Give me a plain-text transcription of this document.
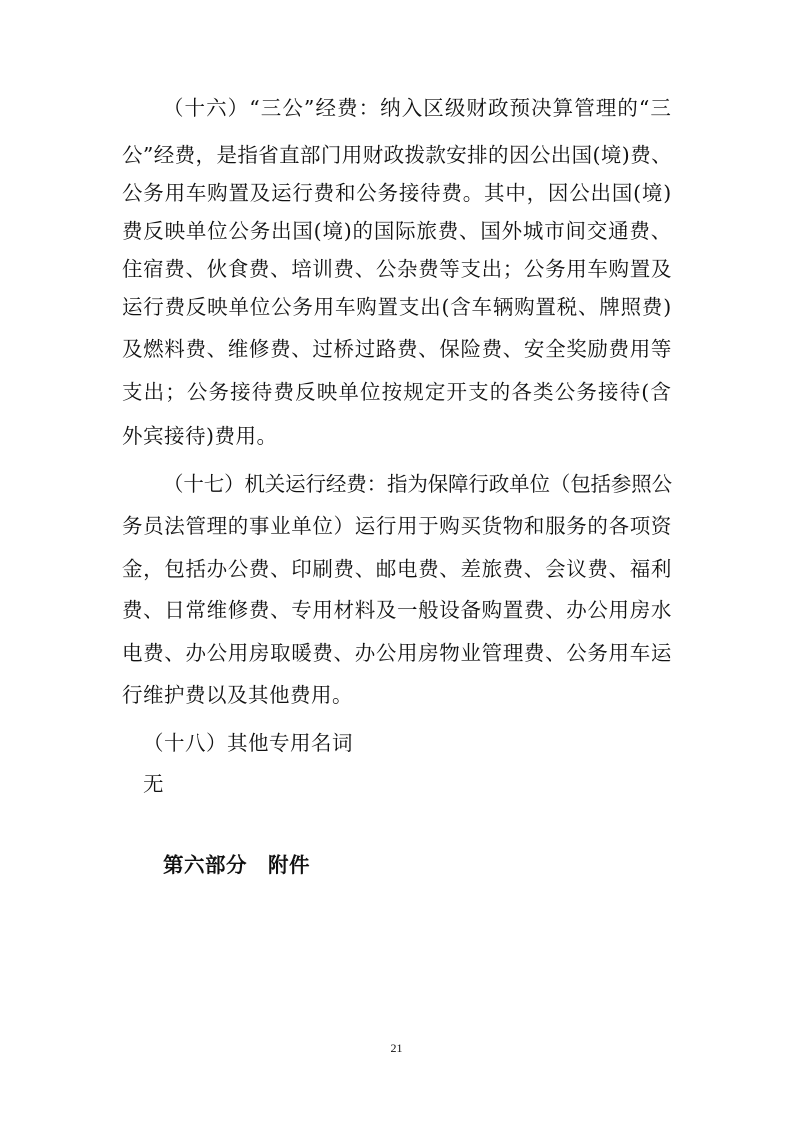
（十六）“三公”经费：纳入区级财政预决算管理的“三
公”经费，是指省直部门用财政拨款安排的因公出国(境)费、
公务用车购置及运行费和公务接待费。其中，因公出国(境)
费反映单位公务出国(境)的国际旅费、国外城市间交通费、
住宿费、伙食费、培训费、公杂费等支出；公务用车购置及
运行费反映单位公务用车购置支出(含车辆购置税、牌照费)
及燃料费、维修费、过桥过路费、保险费、安全奖励费用等
支出；公务接待费反映单位按规定开支的各类公务接待(含
外宾接待)费用。
（十七）机关运行经费：指为保障行政单位（包括参照公
务员法管理的事业单位）运行用于购买货物和服务的各项资
金，包括办公费、印刷费、邮电费、差旅费、会议费、福利
费、日常维修费、专用材料及一般设备购置费、办公用房水
电费、办公用房取暖费、办公用房物业管理费、公务用车运
行维护费以及其他费用。
（十八）其他专用名词
无
第六部分　附件
21
